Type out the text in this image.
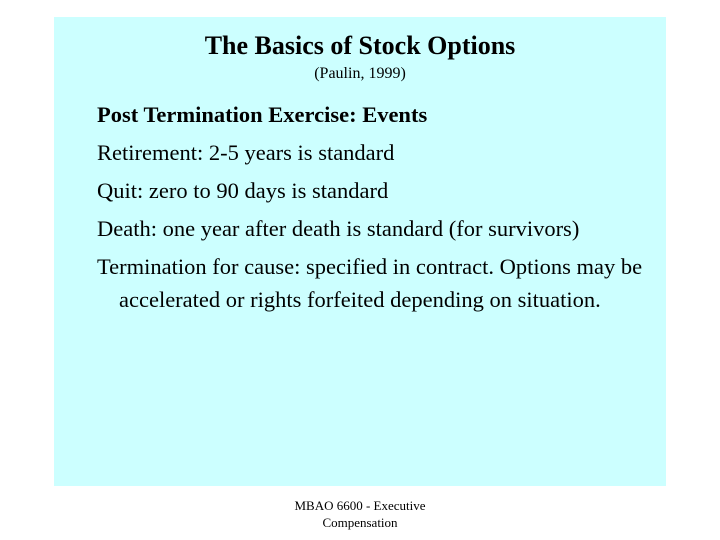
The Basics of Stock Options

(Paulin, 1999)

Post Termination Exercise: Events
Retirement: 2-5 years is standard
Quit: zero to 90 days is standard
Death: one year after death is standard (for survivors)
Termination for cause: specified in contract. Options may be accelerated or rights forfeited depending on situation.
MBAO 6600 - Executive
Compensation
